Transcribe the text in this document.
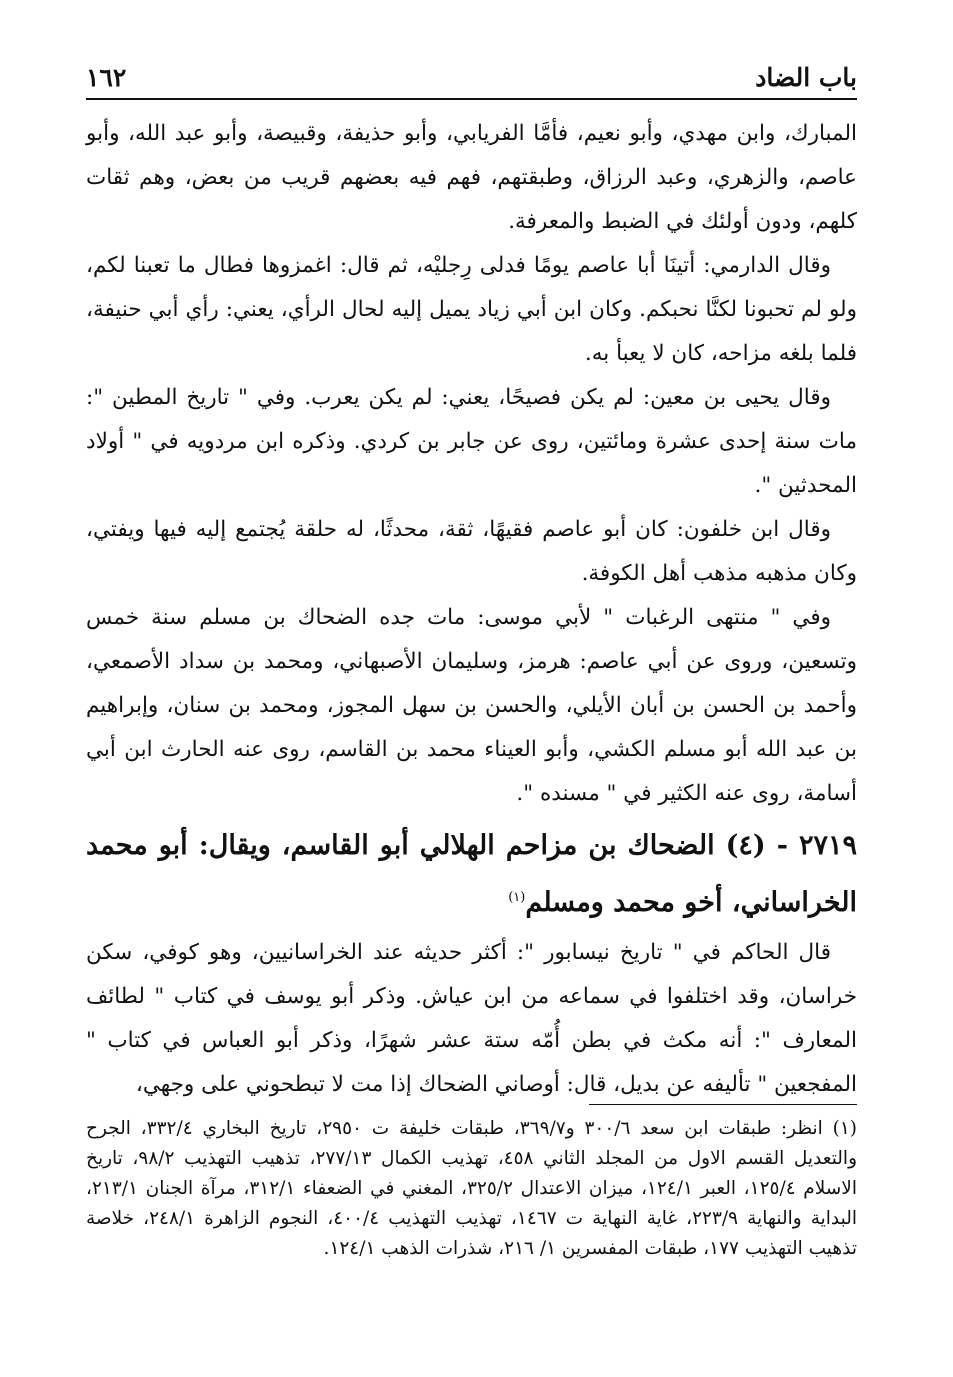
باب الضاد
١٦٢

المبارك، وابن مهدي، وأبو نعيم، فأمَّا الفريابي، وأبو حذيفة، وقبيصة، وأبو عبد الله، وأبو عاصم، والزهري، وعبد الرزاق، وطبقتهم، فهم فيه بعضهم قريب من بعض، وهم ثقات كلهم، ودون أولئك في الضبط والمعرفة.

وقال الدارمي: أتينَا أبا عاصم يومًا فدلى رِجليْه، ثم قال: اغمزوها فطال ما تعبنا لكم، ولو لم تحبونا لكنَّا نحبكم. وكان ابن أبي زياد يميل إليه لحال الرأي، يعني: رأي أبي حنيفة، فلما بلغه مزاحه، كان لا يعبأ به.

وقال يحيى بن معين: لم يكن فصيحًا، يعني: لم يكن يعرب. وفي " تاريخ المطين ": مات سنة إحدى عشرة ومائتين، روى عن جابر بن كردي. وذكره ابن مردويه في " أولاد المحدثين ".

وقال ابن خلفون: كان أبو عاصم فقيهًا، ثقة، محدثًا، له حلقة يُجتمع إليه فيها ويفتي، وكان مذهبه مذهب أهل الكوفة.

وفي " منتهى الرغبات " لأبي موسى: مات جده الضحاك بن مسلم سنة خمس وتسعين، وروى عن أبي عاصم: هرمز، وسليمان الأصبهاني، ومحمد بن سداد الأصمعي، وأحمد بن الحسن بن أبان الأيلي، والحسن بن سهل المجوز، ومحمد بن سنان، وإبراهيم بن عبد الله أبو مسلم الكشي، وأبو العيناء محمد بن القاسم، روى عنه الحارث ابن أبي أسامة، روى عنه الكثير في " مسنده ".

٢٧١٩ - (٤) الضحاك بن مزاحم الهلالي أبو القاسم، ويقال: أبو محمد الخراساني، أخو محمد ومسلم$^{(١)}$

قال الحاكم في " تاريخ نيسابور ": أكثر حديثه عند الخراسانيين، وهو كوفي، سكن خراسان، وقد اختلفوا في سماعه من ابن عياش. وذكر أبو يوسف في كتاب " لطائف المعارف ": أنه مكث في بطن أُمّه ستة عشر شهرًا، وذكر أبو العباس في كتاب " المفجعين " تأليفه عن بديل، قال: أوصاني الضحاك إذا مت لا تبطحوني على وجهي،

(١) انظر: طبقات ابن سعد ٣٠٠/٦ و٣٦٩/٧، طبقات خليفة ت ٢٩٥٠، تاريخ البخاري ٣٣٢/٤، الجرح والتعديل القسم الاول من المجلد الثاني ٤٥٨، تهذيب الكمال ٢٧٧/١٣، تذهيب التهذيب ٩٨/٢، تاريخ الاسلام ١٢٥/٤، العبر ١٢٤/١، ميزان الاعتدال ٣٢٥/٢، المغني في الضعفاء ٣١٢/١، مرآة الجنان ٢١٣/١، البداية والنهاية ٢٢٣/٩، غاية النهاية ت ١٤٦٧، تهذيب التهذيب ٤٠٠/٤، النجوم الزاهرة ٢٤٨/١، خلاصة تذهيب التهذيب ١٧٧، طبقات المفسرين ١/ ٢١٦، شذرات الذهب ١٢٤/١.
